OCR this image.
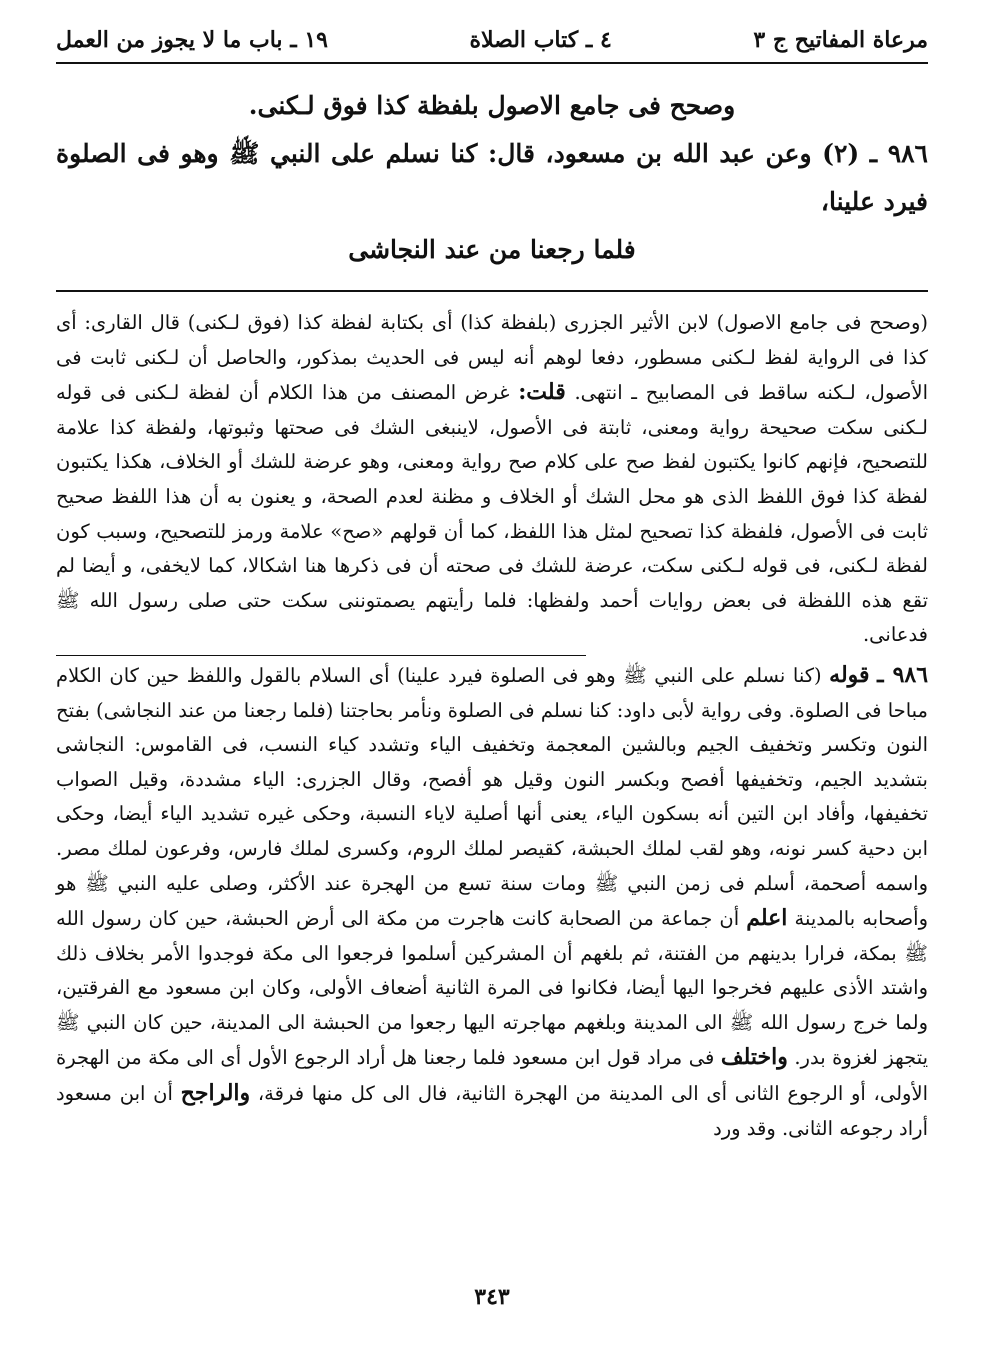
مرعاة المفاتيح ج ٣
٤ ـ كتاب الصلاة
١٩ ـ باب ما لا يجوز من العمل

وصحح فى جامع الاصول بلفظة كذا فوق لـكنى.

٩٨٦ ـ (٢) وعن عبد الله بن مسعود، قال: كنا نسلم على النبي ﷺ وهو فى الصلوة فيرد علينا،

فلما رجعنا من عند النجاشى

(وصحح فى جامع الاصول) لابن الأثير الجزرى (بلفظة كذا) أى بكتابة لفظة كذا (فوق لـكنى) قال القارى: أى كذا فى الرواية لفظ لـكنى مسطور، دفعا لوهم أنه ليس فى الحديث بمذكور، والحاصل أن لـكنى ثابت فى الأصول، لـكنه ساقط فى المصابيح ـ انتهى. قلت: غرض المصنف من هذا الكلام أن لفظة لـكنى فى قوله لـكنى سكت صحيحة رواية ومعنى، ثابتة فى الأصول، لاينبغى الشك فى صحتها وثبوتها، ولفظة كذا علامة للتصحيح، فإنهم كانوا يكتبون لفظ صح على كلام صح رواية ومعنى، وهو عرضة للشك أو الخلاف، هكذا يكتبون لفظة كذا فوق اللفظ الذى هو محل الشك أو الخلاف و مظنة لعدم الصحة، و يعنون به أن هذا اللفظ صحيح ثابت فى الأصول، فلفظة كذا تصحيح لمثل هذا اللفظ، كما أن قولهم «صح» علامة ورمز للتصحيح، وسبب كون لفظة لـكنى، فى قوله لـكنى سكت، عرضة للشك فى صحته أن فى ذكرها هنا اشكالا، كما لايخفى، و أيضا لم تقع هذه اللفظة فى بعض روايات أحمد ولفظها: فلما رأيتهم يصمتوننى سكت حتى صلى رسول الله ﷺ فدعانى.

٩٨٦ ـ قوله (كنا نسلم على النبي ﷺ وهو فى الصلوة فيرد علينا) أى السلام بالقول واللفظ حين كان الكلام مباحا فى الصلوة. وفى رواية لأبى داود: كنا نسلم فى الصلوة ونأمر بحاجتنا (فلما رجعنا من عند النجاشى) بفتح النون وتكسر وتخفيف الجيم وبالشين المعجمة وتخفيف الياء وتشدد كياء النسب، فى القاموس: النجاشى بتشديد الجيم، وتخفيفها أفصح وبكسر النون وقيل هو أفصح، وقال الجزرى: الياء مشددة، وقيل الصواب تخفيفها، وأفاد ابن التين أنه بسكون الياء، يعنى أنها أصلية لاياء النسبة، وحكى غيره تشديد الياء أيضا، وحكى ابن دحية كسر نونه، وهو لقب لملك الحبشة، كقيصر لملك الروم، وكسرى لملك فارس، وفرعون لملك مصر. واسمه أصحمة، أسلم فى زمن النبي ﷺ ومات سنة تسع من الهجرة عند الأكثر، وصلى عليه النبي ﷺ هو وأصحابه بالمدينة اعلم أن جماعة من الصحابة كانت هاجرت من مكة الى أرض الحبشة، حين كان رسول الله ﷺ بمكة، فرارا بدينهم من الفتنة، ثم بلغهم أن المشركين أسلموا فرجعوا الى مكة فوجدوا الأمر بخلاف ذلك واشتد الأذى عليهم فخرجوا اليها أيضا، فكانوا فى المرة الثانية أضعاف الأولى، وكان ابن مسعود مع الفرقتين، ولما خرج رسول الله ﷺ الى المدينة وبلغهم مهاجرته اليها رجعوا من الحبشة الى المدينة، حين كان النبي ﷺ يتجهز لغزوة بدر. واختلف فى مراد قول ابن مسعود فلما رجعنا هل أراد الرجوع الأول أى الى مكة من الهجرة الأولى، أو الرجوع الثانى أى الى المدينة من الهجرة الثانية، فال الى كل منها فرقة، والراجح أن ابن مسعود أراد رجوعه الثانى. وقد ورد

٣٤٣
